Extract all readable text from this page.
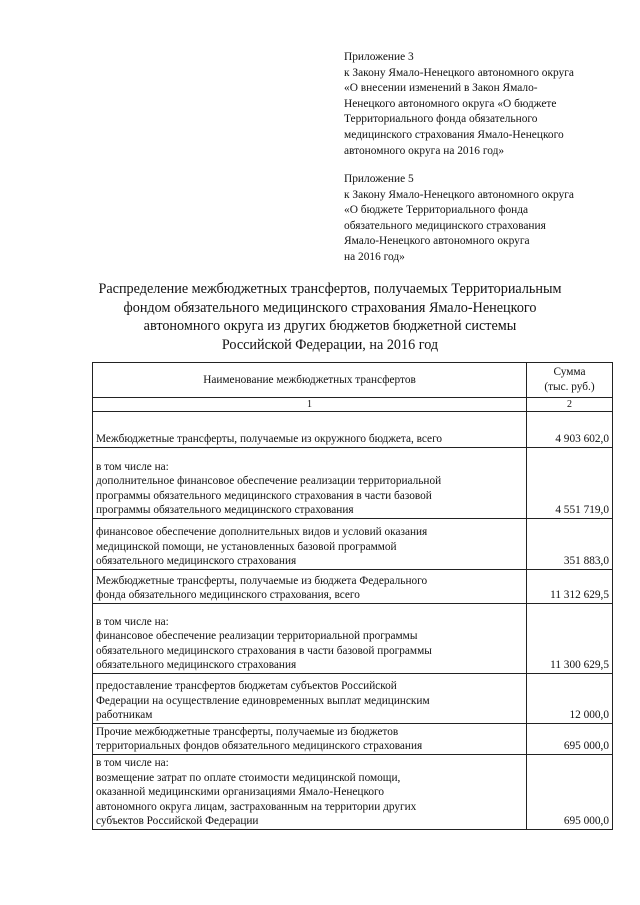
Приложение 3
к Закону Ямало-Ненецкого автономного округа
«О внесении изменений в Закон Ямало-
Ненецкого автономного округа «О бюджете
Территориального фонда обязательного
медицинского страхования Ямало-Ненецкого
автономного округа на 2016 год»
Приложение 5
к Закону Ямало-Ненецкого автономного округа
«О бюджете Территориального фонда
обязательного медицинского страхования
Ямало-Ненецкого автономного округа
на 2016 год»
Распределение межбюджетных трансфертов, получаемых Территориальным
фондом обязательного медицинского страхования Ямало-Ненецкого
автономного округа из других бюджетов бюджетной системы
Российской Федерации, на 2016 год
Наименование межбюджетных трансфертов	Сумма
(тыс. руб.)

1	2

Межбюджетные трансферты, получаемые из окружного бюджета, всего	4 903 602,0

в том числе на:
дополнительное финансовое обеспечение реализации территориальной
программы обязательного медицинского страхования в части базовой
программы обязательного медицинского страхования	4 551 719,0

финансовое обеспечение дополнительных видов и условий оказания
медицинской помощи, не установленных базовой программой
обязательного медицинского страхования	351 883,0

Межбюджетные трансферты, получаемые из бюджета Федерального
фонда обязательного медицинского страхования, всего	11 312 629,5

в том числе на:
финансовое обеспечение реализации территориальной программы
обязательного медицинского страхования в части базовой программы
обязательного медицинского страхования	11 300 629,5

предоставление трансфертов бюджетам субъектов Российской
Федерации на осуществление единовременных выплат медицинским
работникам	12 000,0

Прочие межбюджетные трансферты, получаемые из бюджетов
территориальных фондов обязательного медицинского страхования	695 000,0

в том числе на:
возмещение затрат по оплате стоимости медицинской помощи,
оказанной медицинскими организациями Ямало-Ненецкого
автономного округа лицам, застрахованным на территории других
субъектов Российской Федерации	695 000,0
